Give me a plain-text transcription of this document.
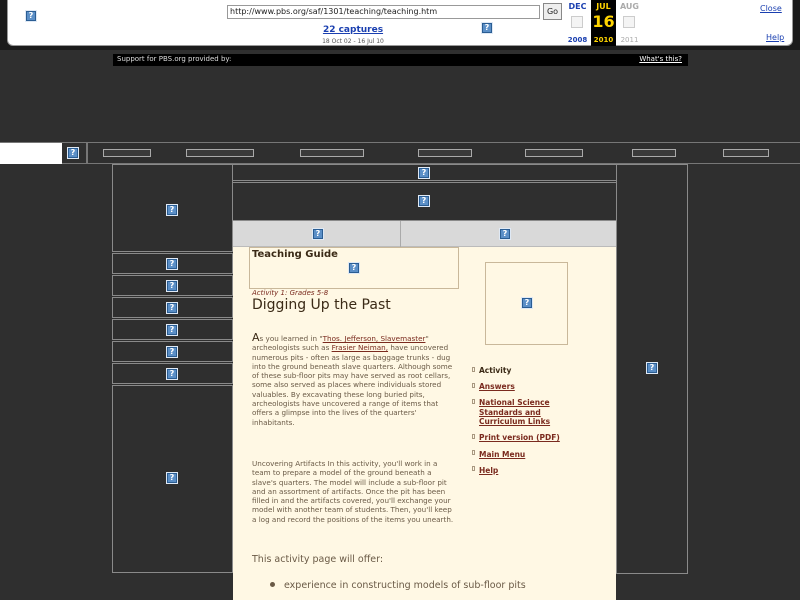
?	http://www.pbs.org/saf/1301/teaching/teaching.htm	Go
22 captures
18 Oct 02 - 16 Jul 10
?
DEC
2008
JUL
16
2010
AUG
2011
Close
Help
Support for PBS.org provided by:	What's this?
?
?
?
?
?
?
?
?
?
?
?
?
?	?
Teaching Guide
?
Activity 1: Grades 5-8
Digging Up the Past	?
As you learned in "Thos. Jefferson, Slavemaster" archeologists such as Frasier Neiman, have uncovered numerous pits - often as large as baggage trunks - dug into the ground beneath slave quarters. Although some of these sub-floor pits may have served as root cellars, some also served as places where individuals stored valuables. By excavating these long buried pits, archeologists have uncovered a range of items that offers a glimpse into the lives of the quarters' inhabitants.
Uncovering Artifacts In this activity, you'll work in a team to prepare a model of the ground beneath a slave's quarters. The model will include a sub-floor pit and an assortment of artifacts. Once the pit has been filled in and the artifacts covered, you'll exchange your model with another team of students. Then, you'll keep a log and record the positions of the items you unearth.
This activity page will offer:
experience in constructing models of sub-floor pits
Activity
Answers
National Science Standards and Curriculum Links
Print version (PDF)
Main Menu
Help
